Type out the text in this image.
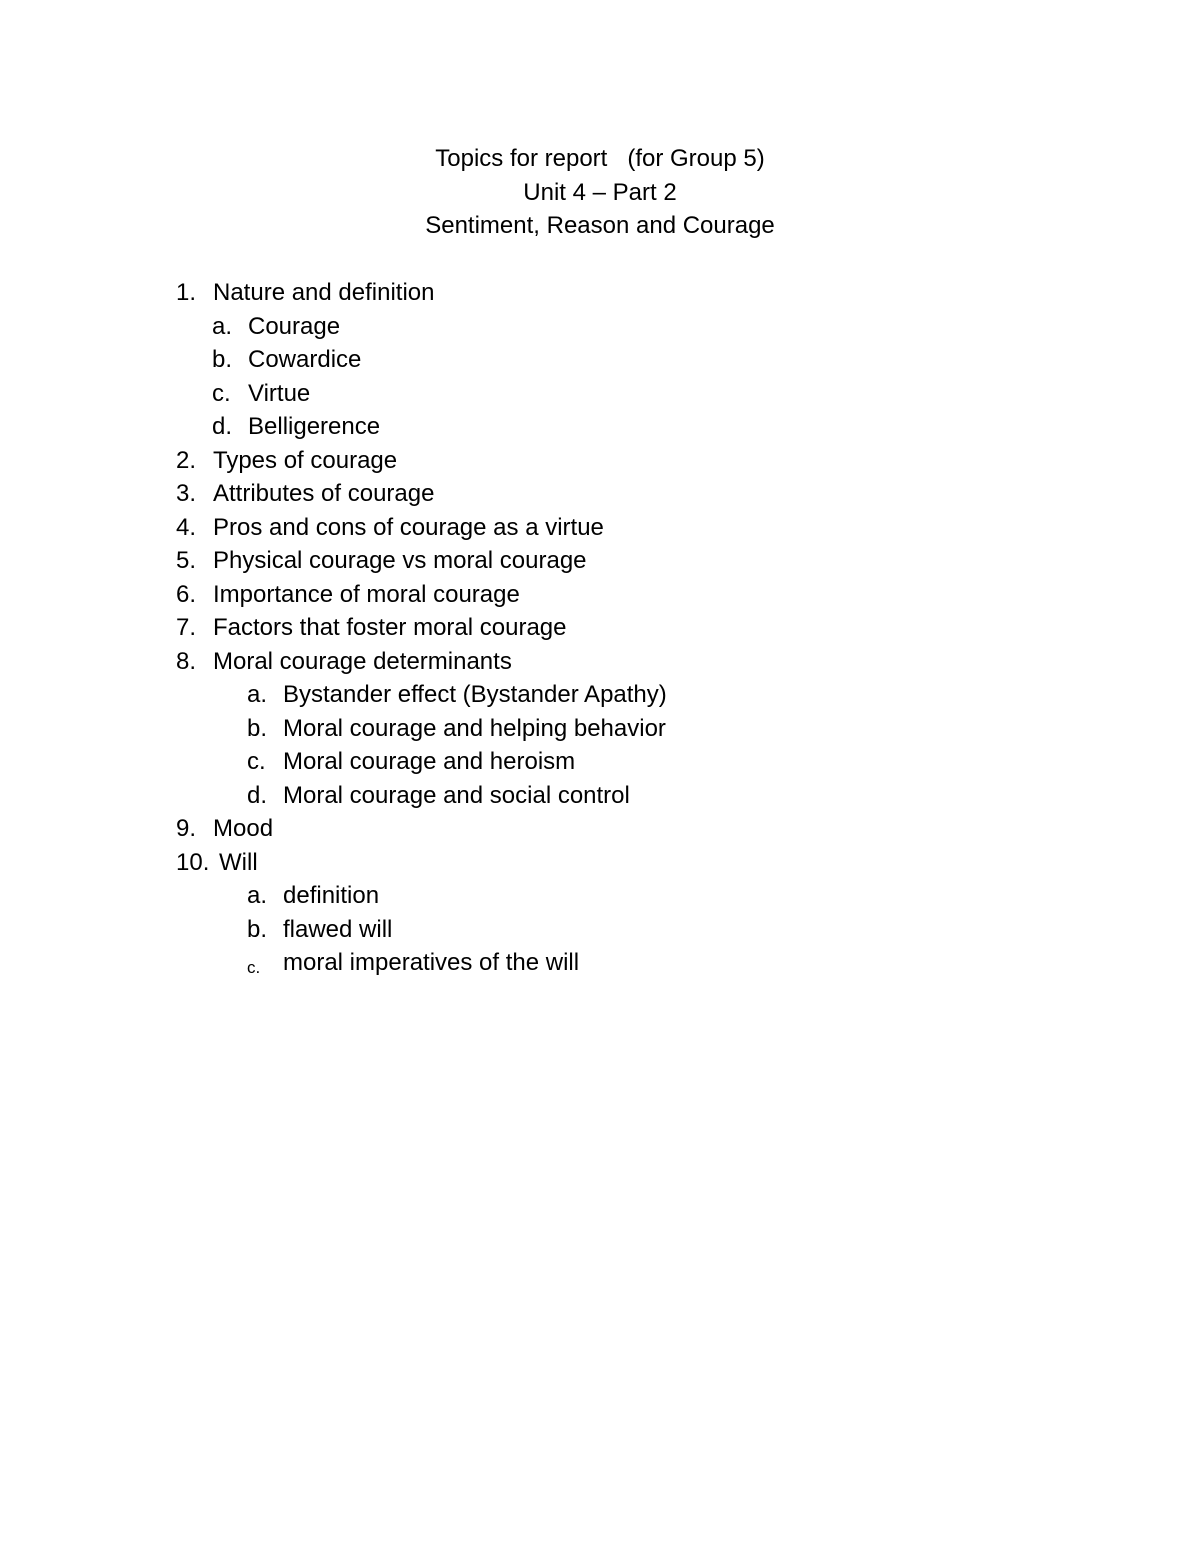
Topics for report   (for Group 5)
Unit 4 – Part 2
Sentiment, Reason and Courage
1. Nature and definition
a. Courage
b. Cowardice
c. Virtue
d. Belligerence
2. Types of courage
3. Attributes of courage
4. Pros and cons of courage as a virtue
5. Physical courage vs moral courage
6. Importance of moral courage
7. Factors that foster moral courage
8. Moral courage determinants
a. Bystander effect (Bystander Apathy)
b. Moral courage and helping behavior
c. Moral courage and heroism
d. Moral courage and social control
9. Mood
10. Will
a. definition
b. flawed will
c. moral imperatives of the will
